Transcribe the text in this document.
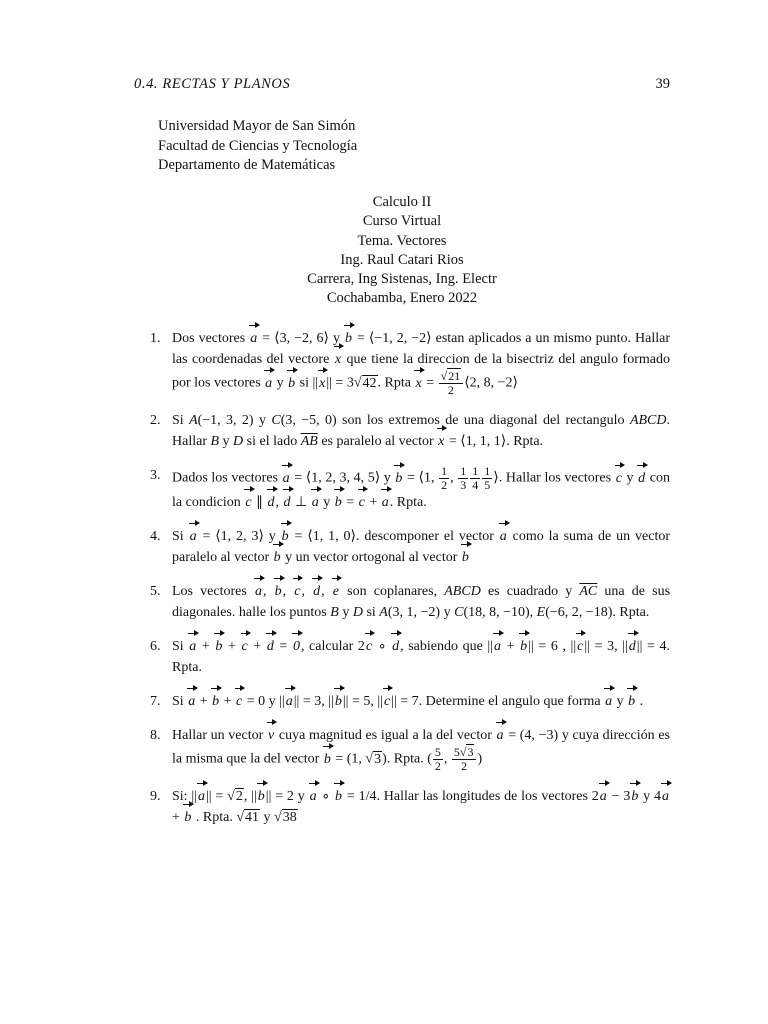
0.4. RECTAS Y PLANOS	39
Universidad Mayor de San Simón
Facultad de Ciencias y Tecnología
Departamento de Matemáticas
Calculo II
Curso Virtual
Tema. Vectores
Ing. Raul Catari Rios
Carrera, Ing Sistenas, Ing. Electr
Cochabamba, Enero 2022
1. Dos vectores a = ⟨3, −2, 6⟩ y b = ⟨−1, 2, −2⟩ estan aplicados a un mismo punto. Hallar las coordenadas del vectore x que tiene la direccion de la bisectriz del angulo formado por los vectores a y b si ||x|| = 3√42. Rpta $x = \frac{√21}{2}$ ⟨2, 8, −2⟩
2. Si A(−1, 3, 2) y C(3, −5, 0) son los extremos de una diagonal del rectangulo ABCD. Hallar B y D si el lado $\overline{AB}$ es paralelo al vector x = ⟨1, 1, 1⟩. Rpta.
3. Dados los vectores a = ⟨1, 2, 3, 4, 5⟩ y b = ⟨1, $\frac{1}{2}$ , $\frac{1}{3} \frac{1}{4} \frac{1}{5}$ ⟩. Hallar los vectores c y d con la condicion c ∥ d, d ⊥ a y b = c + a. Rpta.
4. Si a = ⟨1, 2, 3⟩ y b = ⟨1, 1, 0⟩. descomponer el vector a como la suma de un vector paralelo al vector b y un vector ortogonal al vector b
5. Los vectores a, b, c, d, e son coplanares, ABCD es cuadrado y $\overline{AC}$ una de sus diagonales. halle los puntos B y D si A(3, 1, −2) y C(18, 8, −10), E(−6, 2, −18). Rpta.
6. Si a + b + c + d = 0, calcular 2c ∘ d, sabiendo que ||a + b|| = 6 , ||c|| = 3, ||d|| = 4. Rpta.
7. Si a + b + c = 0 y ||a|| = 3, ||b|| = 5, ||c|| = 7. Determine el angulo que forma a y b .
8. Hallar un vector v cuya magnitud es igual a la del vector a = (4, −3) y cuya dirección es la misma que la del vector b = (1, √3). Rpta. ( $\frac{5}{2}$ , $\frac{5√3}{2}$ )
9. Si: ||a|| = √2, ||b|| = 2 y a ∘ b = 1/4. Hallar las longitudes de los vectores 2a − 3b y 4a + b . Rpta. √41 y √38
